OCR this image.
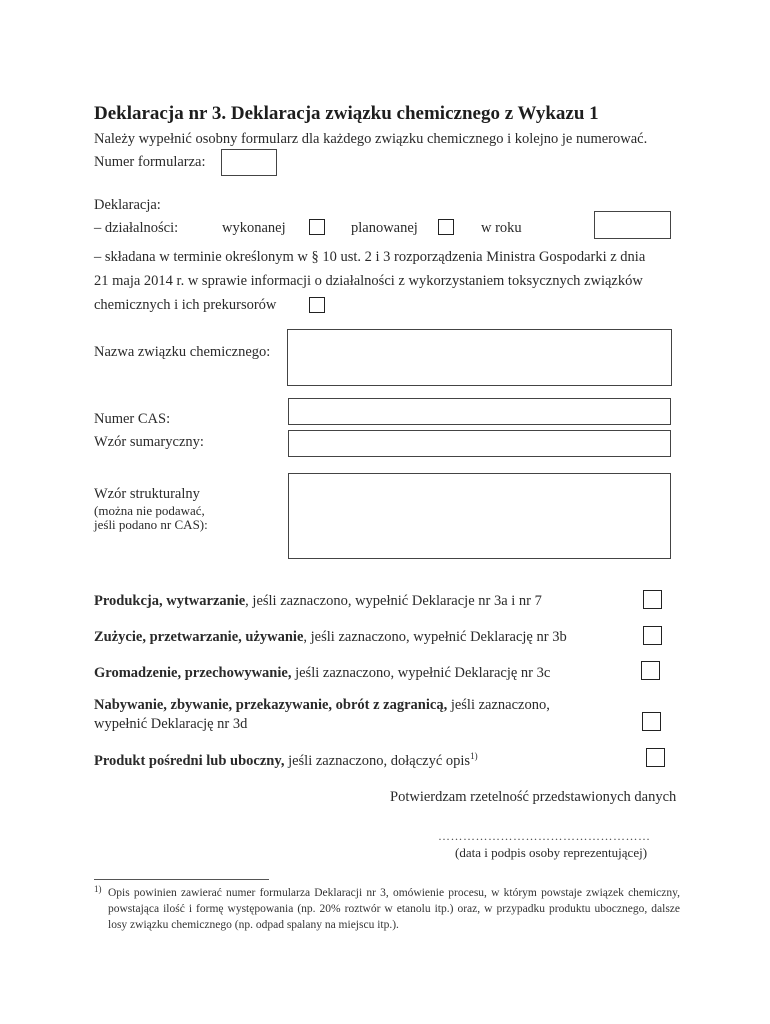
Deklaracja nr 3. Deklaracja związku chemicznego z Wykazu 1
Należy wypełnić osobny formularz dla każdego związku chemicznego i kolejno je numerować.
Numer formularza:
Deklaracja:
– działalności:	wykonanej	planowanej	w roku
– składana w terminie określonym w § 10 ust. 2 i 3 rozporządzenia Ministra Gospodarki z dnia
21 maja 2014 r. w sprawie informacji o działalności z wykorzystaniem toksycznych związków
chemicznych i ich prekursorów
Nazwa związku chemicznego:
Numer CAS:
Wzór sumaryczny:
Wzór strukturalny
(można nie podawać,
jeśli podano nr CAS):
Produkcja, wytwarzanie, jeśli zaznaczono, wypełnić Deklaracje nr 3a i nr 7
Zużycie, przetwarzanie, używanie, jeśli zaznaczono, wypełnić Deklarację nr 3b
Gromadzenie, przechowywanie, jeśli zaznaczono, wypełnić Deklarację nr 3c
Nabywanie, zbywanie, przekazywanie, obrót z zagranicą, jeśli zaznaczono,
wypełnić Deklarację nr 3d
Produkt pośredni lub uboczny, jeśli zaznaczono, dołączyć opis$^{1)}$
Potwierdzam rzetelność przedstawionych danych
……………………………………………
(data i podpis osoby reprezentującej)
1) Opis powinien zawierać numer formularza Deklaracji nr 3, omówienie procesu, w którym powstaje związek chemiczny, powstająca ilość i formę występowania (np. 20% roztwór w etanolu itp.) oraz, w przypadku produktu ubocznego, dalsze losy związku chemicznego (np. odpad spalany na miejscu itp.).
